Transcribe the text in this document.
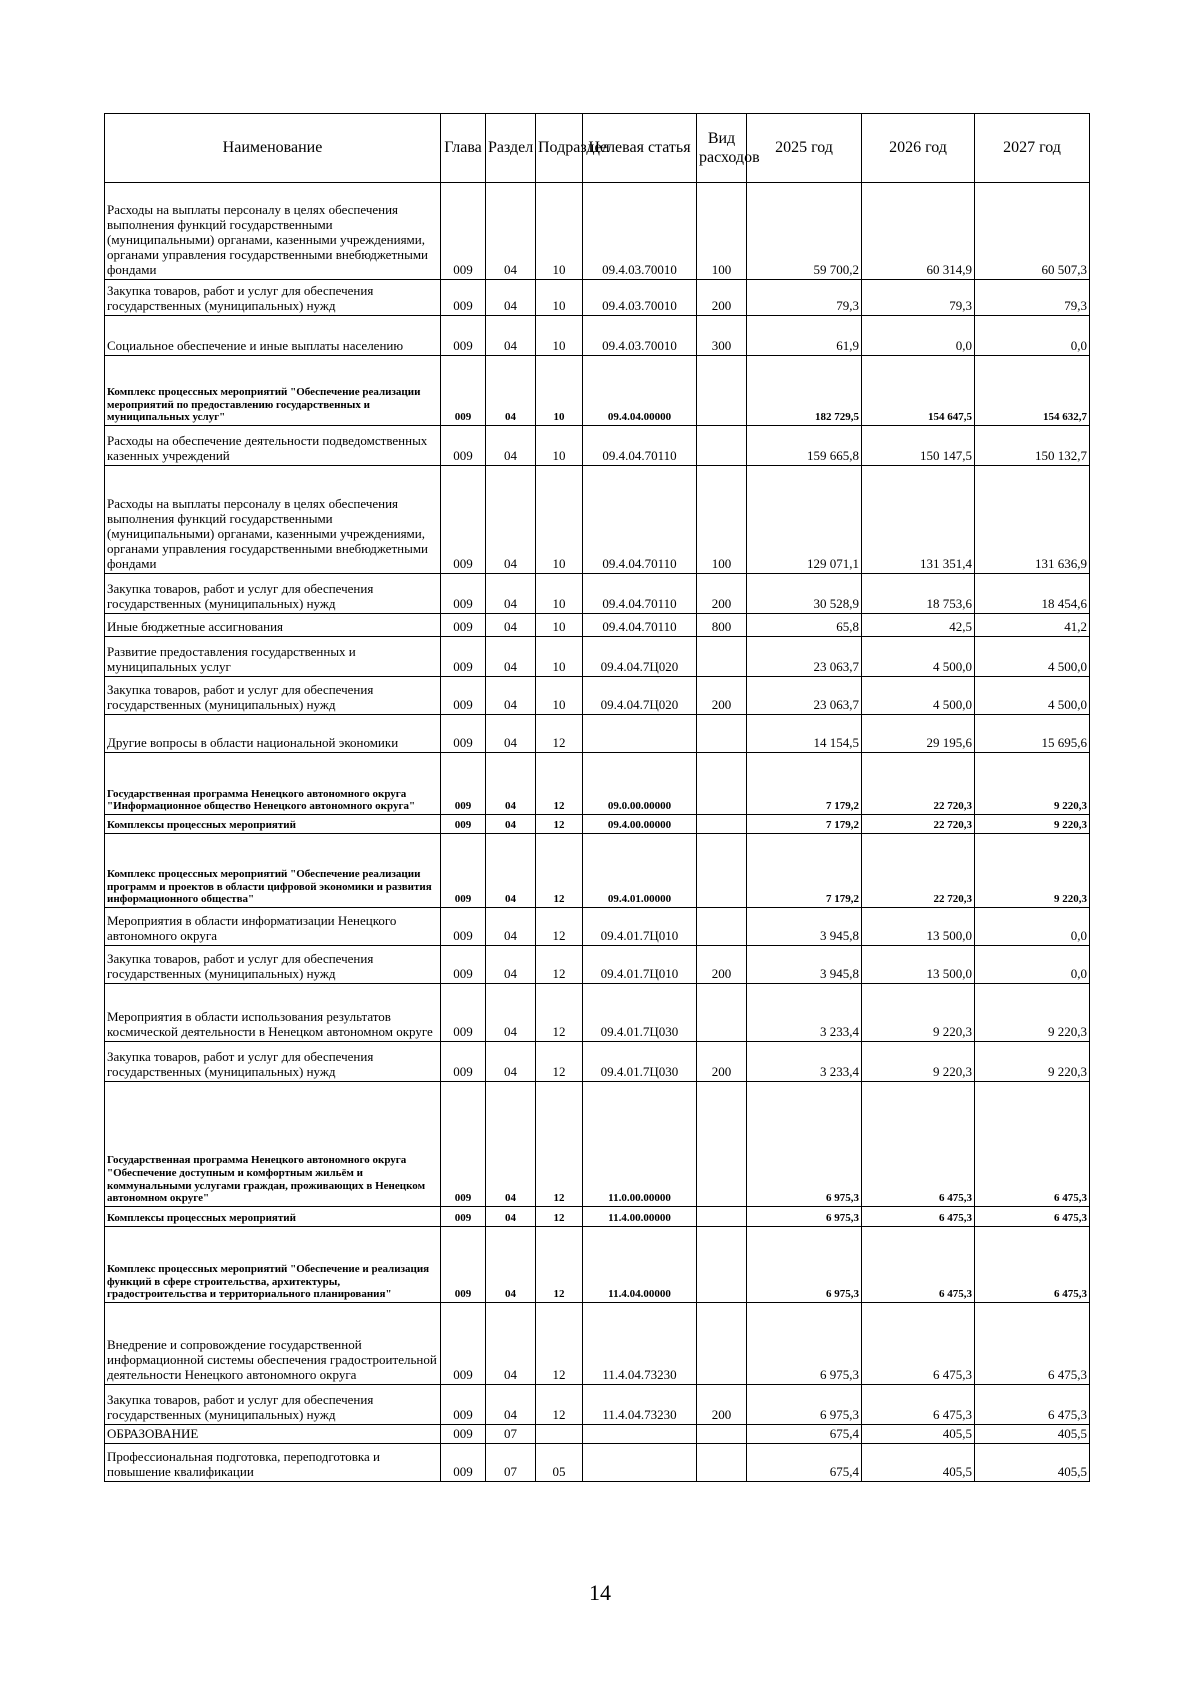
Наименование	Глава	Раздел	Подраздел	Целевая статья	Вид расходов	2025 год	2026 год	2027 год
Расходы на выплаты персоналу в целях обеспечения выполнения функций государственными (муниципальными) органами, казенными учреждениями, органами управления государственными внебюджетными фондами	009	04	10	09.4.03.70010	100	59 700,2	60 314,9	60 507,3
Закупка товаров, работ и услуг для обеспечения государственных (муниципальных) нужд	009	04	10	09.4.03.70010	200	79,3	79,3	79,3
Социальное обеспечение и иные выплаты населению	009	04	10	09.4.03.70010	300	61,9	0,0	0,0
Комплекс процессных мероприятий "Обеспечение реализации мероприятий по предоставлению государственных и муниципальных услуг"	009	04	10	09.4.04.00000		182 729,5	154 647,5	154 632,7
Расходы на обеспечение деятельности подведомственных казенных учреждений	009	04	10	09.4.04.70110		159 665,8	150 147,5	150 132,7
Расходы на выплаты персоналу в целях обеспечения выполнения функций государственными (муниципальными) органами, казенными учреждениями, органами управления государственными внебюджетными фондами	009	04	10	09.4.04.70110	100	129 071,1	131 351,4	131 636,9
Закупка товаров, работ и услуг для обеспечения государственных (муниципальных) нужд	009	04	10	09.4.04.70110	200	30 528,9	18 753,6	18 454,6
Иные бюджетные ассигнования	009	04	10	09.4.04.70110	800	65,8	42,5	41,2
Развитие предоставления государственных и муниципальных услуг	009	04	10	09.4.04.7Ц020		23 063,7	4 500,0	4 500,0
Закупка товаров, работ и услуг для обеспечения государственных (муниципальных) нужд	009	04	10	09.4.04.7Ц020	200	23 063,7	4 500,0	4 500,0
Другие вопросы в области национальной экономики	009	04	12			14 154,5	29 195,6	15 695,6
Государственная программа Ненецкого автономного округа "Информационное общество Ненецкого автономного округа"	009	04	12	09.0.00.00000		7 179,2	22 720,3	9 220,3
Комплексы процессных мероприятий	009	04	12	09.4.00.00000		7 179,2	22 720,3	9 220,3
Комплекс процессных мероприятий "Обеспечение реализации программ и проектов в области цифровой экономики и развития информационного общества"	009	04	12	09.4.01.00000		7 179,2	22 720,3	9 220,3
Мероприятия в области информатизации Ненецкого автономного округа	009	04	12	09.4.01.7Ц010		3 945,8	13 500,0	0,0
Закупка товаров, работ и услуг для обеспечения государственных (муниципальных) нужд	009	04	12	09.4.01.7Ц010	200	3 945,8	13 500,0	0,0
Мероприятия в области использования результатов космической деятельности в Ненецком автономном округе	009	04	12	09.4.01.7Ц030		3 233,4	9 220,3	9 220,3
Закупка товаров, работ и услуг для обеспечения государственных (муниципальных) нужд	009	04	12	09.4.01.7Ц030	200	3 233,4	9 220,3	9 220,3
Государственная программа Ненецкого автономного округа "Обеспечение доступным и комфортным жильём и коммунальными услугами граждан, проживающих в Ненецком автономном округе"	009	04	12	11.0.00.00000		6 975,3	6 475,3	6 475,3
Комплексы процессных мероприятий	009	04	12	11.4.00.00000		6 975,3	6 475,3	6 475,3
Комплекс процессных мероприятий "Обеспечение и реализация функций в сфере строительства, архитектуры, градостроительства и территориального планирования"	009	04	12	11.4.04.00000		6 975,3	6 475,3	6 475,3
Внедрение и сопровождение государственной информационной системы обеспечения градостроительной деятельности Ненецкого автономного округа	009	04	12	11.4.04.73230		6 975,3	6 475,3	6 475,3
Закупка товаров, работ и услуг для обеспечения государственных (муниципальных) нужд	009	04	12	11.4.04.73230	200	6 975,3	6 475,3	6 475,3
ОБРАЗОВАНИЕ	009	07				675,4	405,5	405,5
Профессиональная подготовка, переподготовка и повышение квалификации	009	07	05			675,4	405,5	405,5
14
